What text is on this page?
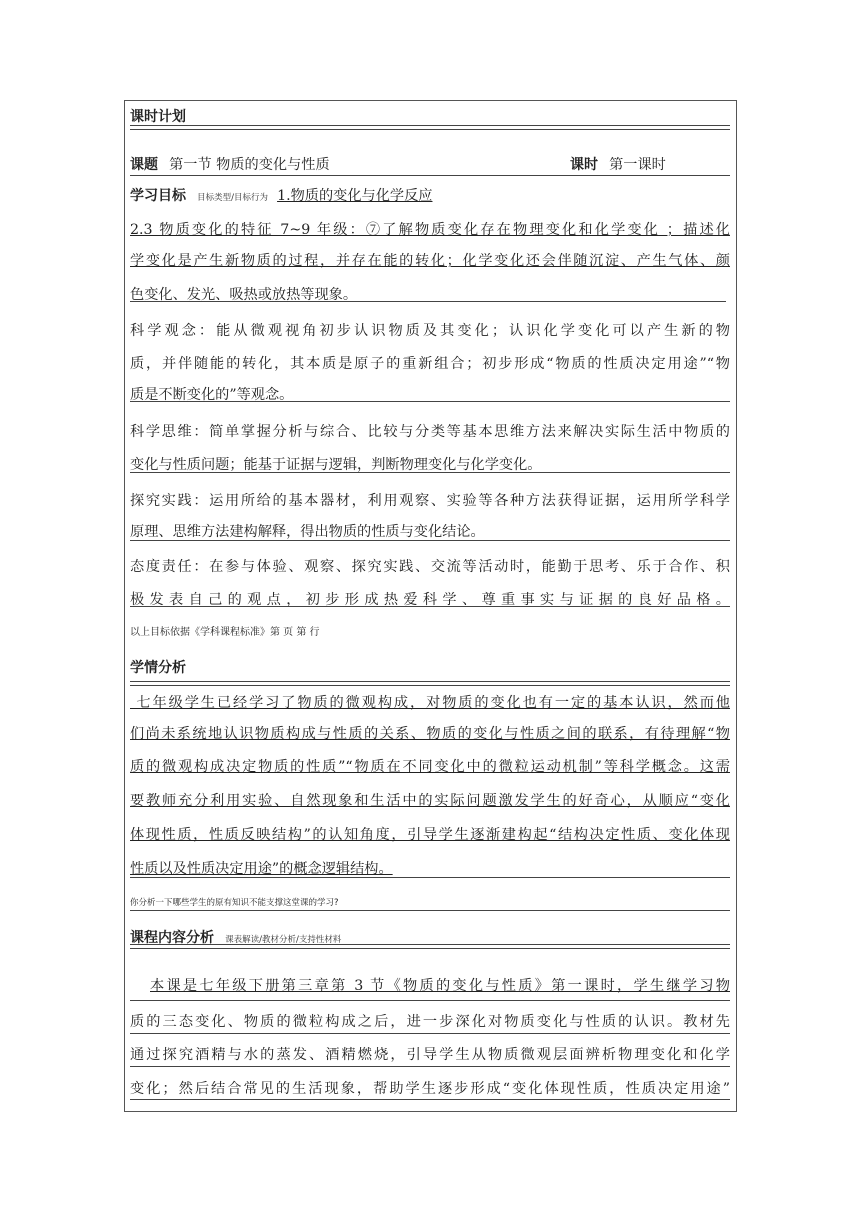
课时计划
课题 第一节 物质的变化与性质	课时 第一课时
学习目标 目标类型/目标行为 1.物质的变化与化学反应
2.3 物质变化的特征 7~9 年级：⑦了解物质变化存在物理变化和化学变化 ；描述化
学变化是产生新物质的过程，并存在能的转化；化学变化还会伴随沉淀、产生气体、颜
色变化、发光、吸热或放热等现象。
科学观念：能从微观视角初步认识物质及其变化；认识化学变化可以产生新的物
质，并伴随能的转化，其本质是原子的重新组合；初步形成“物质的性质决定用途”“物
质是不断变化的”等观念。
科学思维：简单掌握分析与综合、比较与分类等基本思维方法来解决实际生活中物质的
变化与性质问题；能基于证据与逻辑，判断物理变化与化学变化。
探究实践：运用所给的基本器材，利用观察、实验等各种方法获得证据，运用所学科学
原理、思维方法建构解释，得出物质的性质与变化结论。
态度责任：在参与体验、观察、探究实践、交流等活动时，能勤于思考、乐于合作、积
极发表自己的观点，初步形成热爱科学、尊重事实与证据的良好品格。
以上目标依据《学科课程标准》第 页 第 行
学情分析
七年级学生已经学习了物质的微观构成，对物质的变化也有一定的基本认识，然而他
们尚未系统地认识物质构成与性质的关系、物质的变化与性质之间的联系，有待理解“物
质的微观构成决定物质的性质”“物质在不同变化中的微粒运动机制”等科学概念。这需
要教师充分利用实验、自然现象和生活中的实际问题激发学生的好奇心，从顺应“变化
体现性质，性质反映结构”的认知角度，引导学生逐渐建构起“结构决定性质、变化体现
性质以及性质决定用途”的概念逻辑结构。
你分析一下哪些学生的原有知识不能支撑这堂课的学习?
课程内容分析 课表解读/教材分析/支持性材料
本课是七年级下册第三章第 3 节《物质的变化与性质》第一课时，学生继学习物
质的三态变化、物质的微粒构成之后，进一步深化对物质变化与性质的认识。教材先
通过探究酒精与水的蒸发、酒精燃烧，引导学生从物质微观层面辨析物理变化和化学
变化；然后结合常见的生活现象，帮助学生逐步形成“变化体现性质，性质决定用途”
